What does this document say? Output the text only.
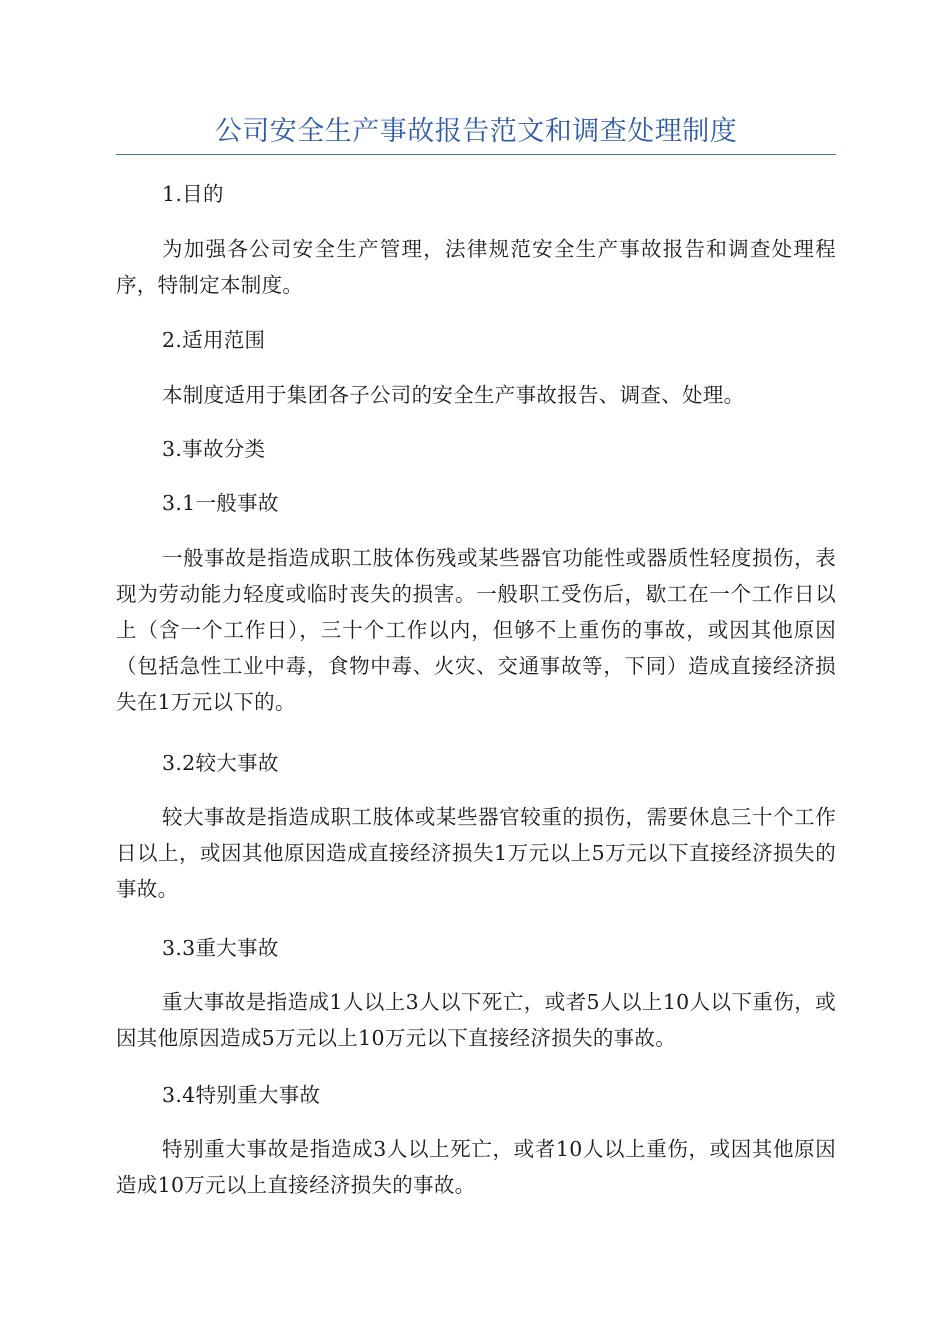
公司安全生产事故报告范文和调查处理制度
1.目的
为加强各公司安全生产管理，法律规范安全生产事故报告和调查处理程序，特制定本制度。
2.适用范围
本制度适用于集团各子公司的安全生产事故报告、调查、处理。
3.事故分类
3.1一般事故
一般事故是指造成职工肢体伤残或某些器官功能性或器质性轻度损伤，表现为劳动能力轻度或临时丧失的损害。一般职工受伤后，歇工在一个工作日以上（含一个工作日），三十个工作以内，但够不上重伤的事故，或因其他原因（包括急性工业中毒，食物中毒、火灾、交通事故等，下同）造成直接经济损失在1万元以下的。
3.2较大事故
较大事故是指造成职工肢体或某些器官较重的损伤，需要休息三十个工作日以上，或因其他原因造成直接经济损失1万元以上5万元以下直接经济损失的事故。
3.3重大事故
重大事故是指造成1人以上3人以下死亡，或者5人以上10人以下重伤，或因其他原因造成5万元以上10万元以下直接经济损失的事故。
3.4特别重大事故
特别重大事故是指造成3人以上死亡，或者10人以上重伤，或因其他原因造成10万元以上直接经济损失的事故。
